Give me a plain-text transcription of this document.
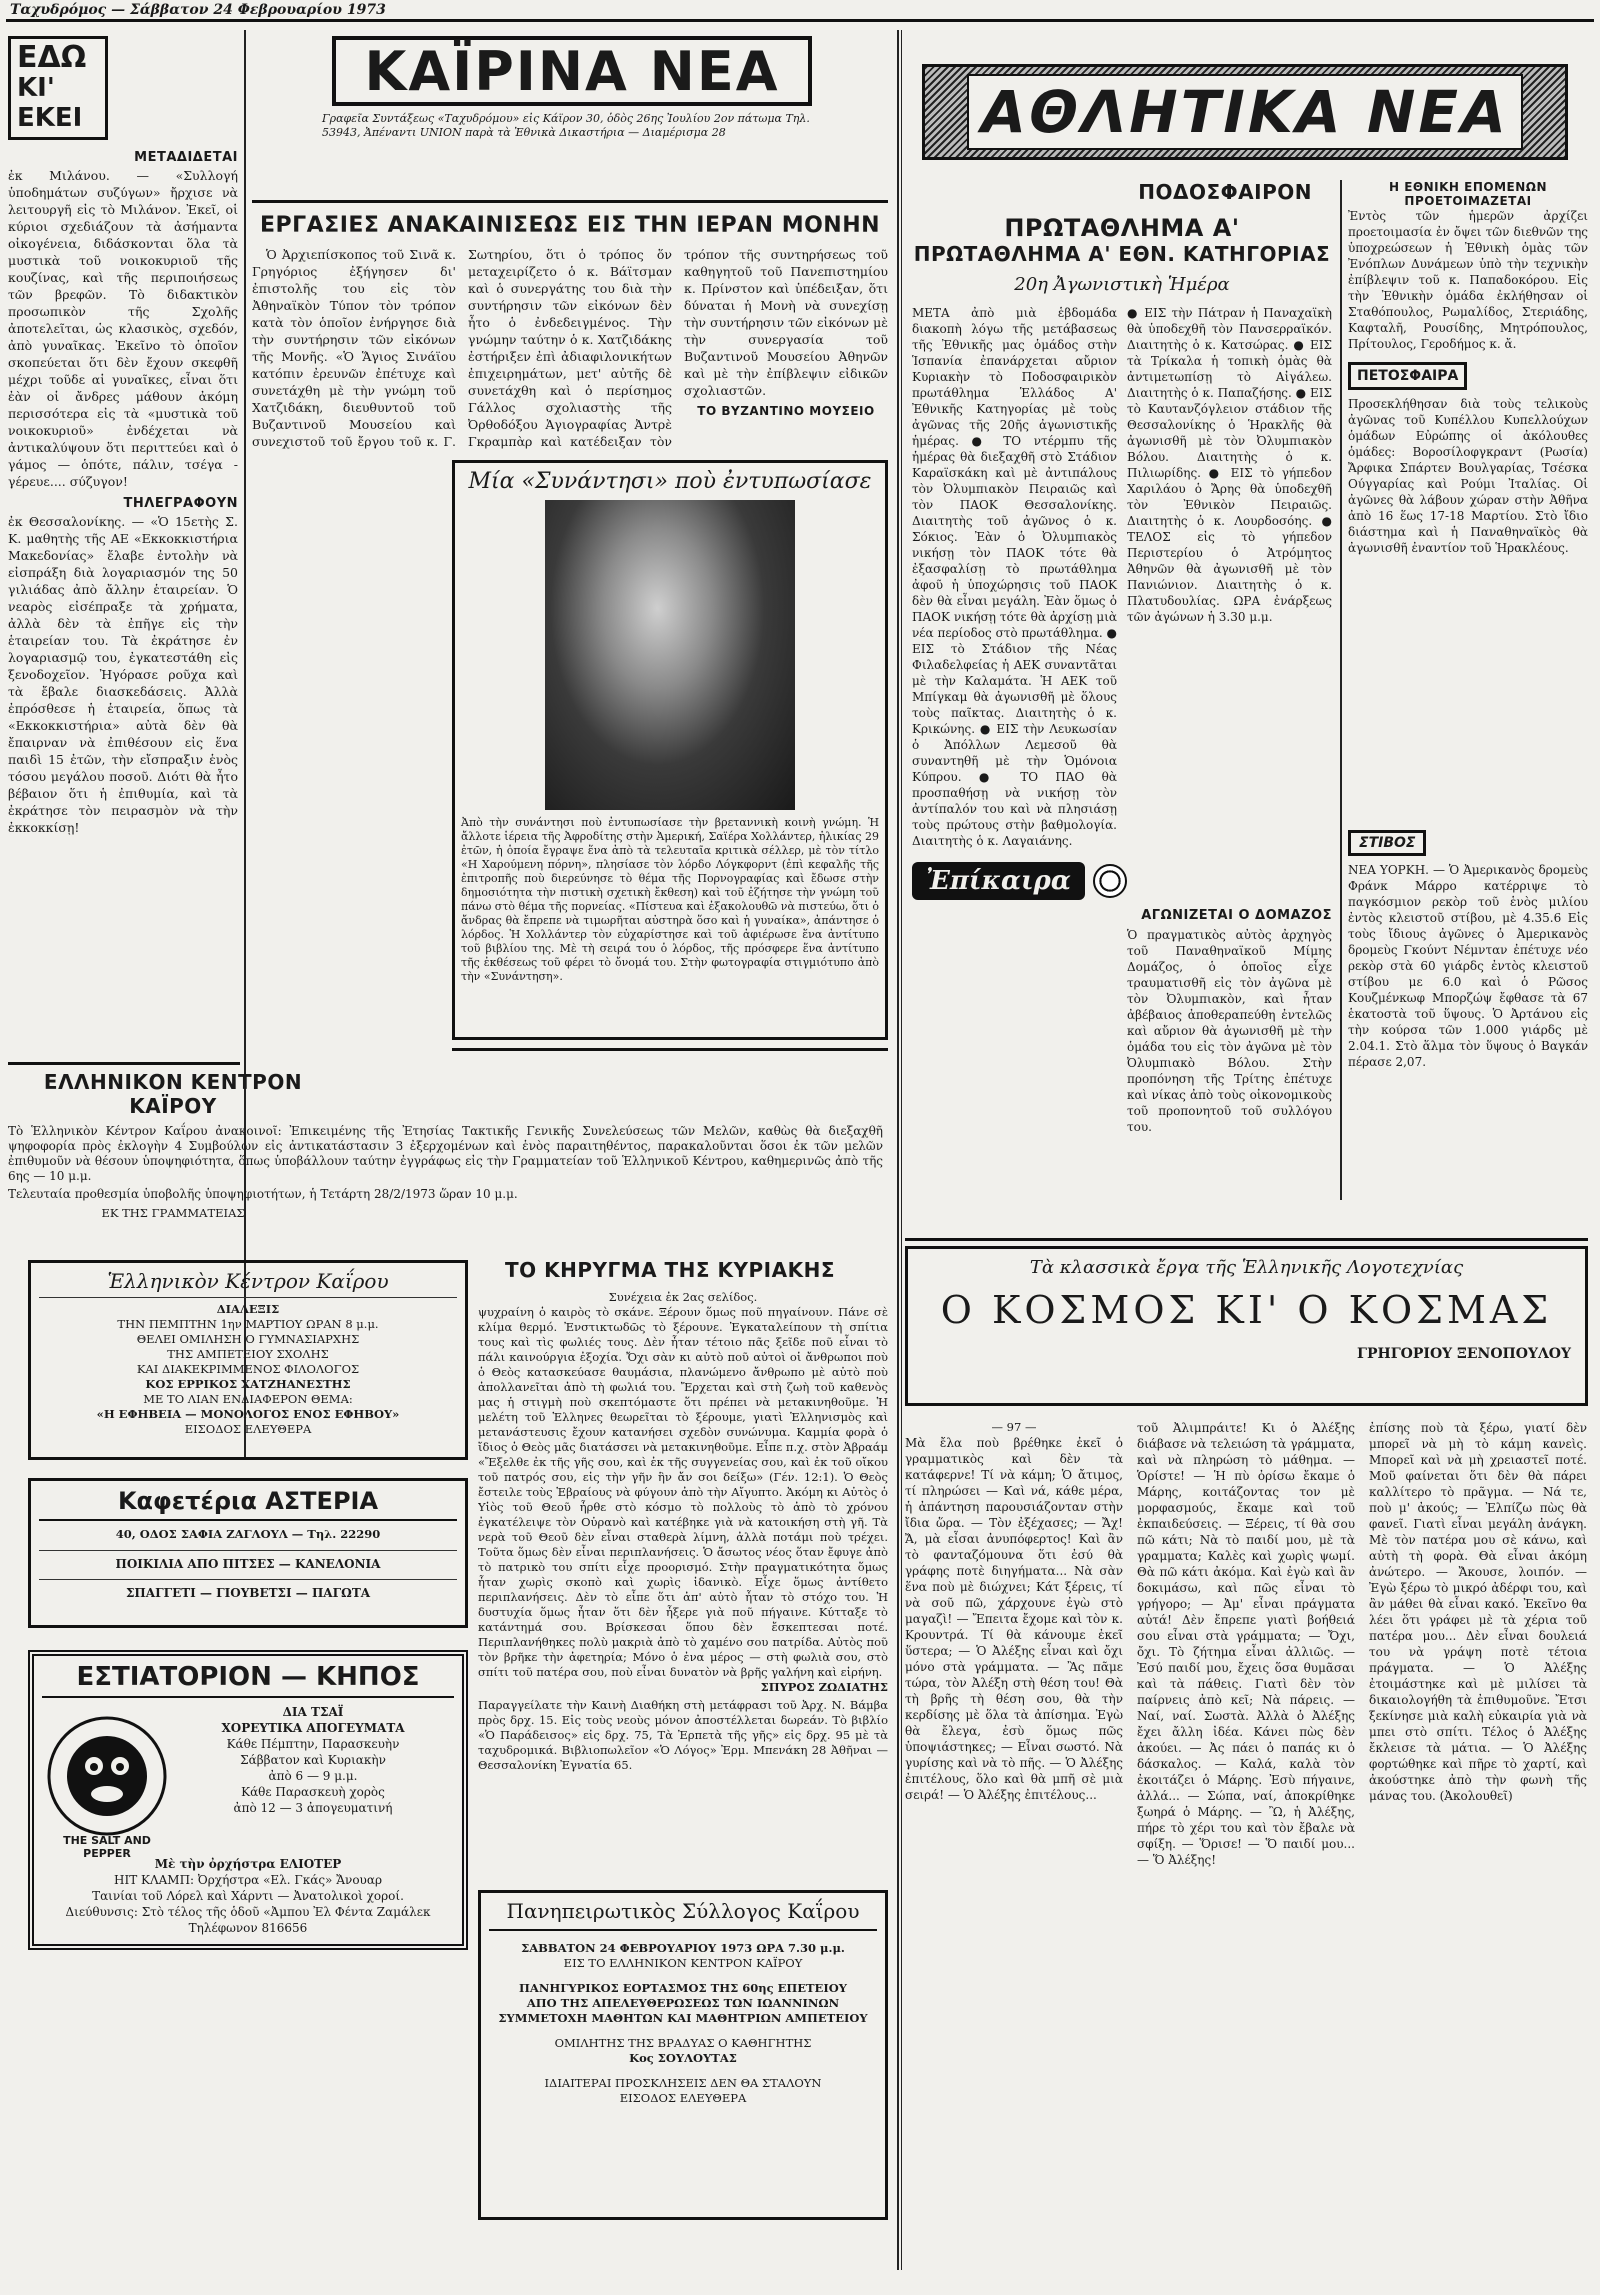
Ταχυδρόμος — Σάββατον 24 Φεβρουαρίου 1973
ΕΔΩ
ΚΙ' ΕΚΕΙ
ΜΕΤΑΔΙΔΕΤΑΙ
ἐκ Μιλάνου. — «Συλλογή ὑποδημάτων συζύγων» ἤρχισε νὰ λειτουργῆ εἰς τὸ Μιλάνον. Ἐκεῖ, οἱ κύριοι σχεδιάζουν τὰ ἀσήμαντα οἰκογένεια, διδάσκονται ὅλα τὰ μυστικὰ τοῦ νοικοκυριοῦ τῆς κουζίνας, καὶ τῆς περιποιήσεως τῶν βρεφῶν. Τὸ διδακτικὸν προσωπικὸν τῆς Σχολῆς ἀποτελεῖται, ὡς κλασικὸς, σχεδόν, ἀπὸ γυναῖκας. Ἐκεῖνο τὸ ὁποῖον σκοπεύεται ὅτι δὲν ἔχουν σκεφθῆ μέχρι τοῦδε αἱ γυναῖκες, εἶναι ὅτι ἐὰν οἱ ἄνδρες μάθουν ἀκόμη περισσότερα εἰς τὰ «μυστικὰ τοῦ νοικοκυριοῦ» ἐνδέχεται νὰ ἀντικαλύψουν ὅτι περιττεύει καὶ ὁ γάμος — ὁπότε, πάλιν, τσέγα - γέρευε.... σύζυγον!
ΤΗΛΕΓΡΑΦΟΥΝ
ἐκ Θεσσαλονίκης. — «Ὁ 15ετὴς Σ. Κ. μαθητὴς τῆς ΑΕ «Εκκοκκιστήρια Μακεδονίας» ἔλαβε ἐντολὴν νὰ εἰσπράξη διὰ λογαριασμόν της 50 γιλιάδας ἀπὸ ἄλλην ἑταιρείαν. Ὁ νεαρὸς εἰσέπραξε τὰ χρήματα, ἀλλὰ δὲν τὰ ἐπῆγε εἰς τὴν ἑταιρείαν του. Τὰ ἐκράτησε ἐν λογαριασμῷ του, ἐγκατεστάθη εἰς ξενοδοχεῖον. Ἠγόρασε ροῦχα καὶ τὰ ἔβαλε διασκεδάσεις. Ἀλλὰ ἐπρόσθεσε ἡ ἑταιρεία, ὅπως τὰ «Εκκοκκιστήρια» αὐτὰ δὲν θὰ ἔπαιρναν νὰ ἐπιθέσουν εἰς ἕνα παιδὶ 15 ἐτῶν, τὴν εἴσπραξιν ἑνὸς τόσου μεγάλου ποσοῦ. Διότι θὰ ἦτο βέβαιον ὅτι ἡ ἐπιθυμία, καὶ τὰ ἐκράτησε τὸν πειρασμὸν νὰ τὴν ἐκκοκκίσῃ!
ΕΛΛΗΝΙΚΟΝ ΚΕΝΤΡΟΝ ΚΑΪΡΟΥ
Τὸ Ἑλληνικὸν Κέντρον Καΐρου ἀνακοινοῖ: Ἐπικειμένης τῆς Ἐτησίας Τακτικῆς Γενικῆς Συνελεύσεως τῶν Μελῶν, καθὼς θὰ διεξαχθῆ ψηφοφορία πρὸς ἐκλογὴν 4 Συμβούλων εἰς ἀντικατάστασιν 3 ἐξερχομένων καὶ ἑνὸς παραιτηθέντος, παρακαλοῦνται ὅσοι ἐκ τῶν μελῶν ἐπιθυμοῦν νὰ θέσουν ὑποψηφιότητα, ὅπως ὑποβάλλουν ταύτην ἐγγράφως εἰς τὴν Γραμματείαν τοῦ Ἑλληνικοῦ Κέντρου, καθημερινῶς ἀπὸ τῆς 6ης — 10 μ.μ.
Τελευταία προθεσμία ὑποβολῆς ὑποψηφιοτήτων, ἡ Τετάρτη 28/2/1973 ὥραν 10 μ.μ.
ΕΚ ΤΗΣ ΓΡΑΜΜΑΤΕΙΑΣ
Ἑλληνικὸν Κέντρον Καΐρου
ΔΙΑΛΕΞΙΣ
ΤΗΝ ΠΕΜΠΤΗΝ 1ην ΜΑΡΤΙΟΥ ΩΡΑΝ 8 μ.μ.
ΘΕΛΕΙ ΟΜΙΛΗΣΗ Ο ΓΥΜΝΑΣΙΑΡΧΗΣ
ΤΗΣ ΑΜΠΕΤΕΙΟΥ ΣΧΟΛΗΣ
ΚΑΙ ΔΙΑΚΕΚΡΙΜΜΕΝΟΣ ΦΙΛΟΛΟΓΟΣ
ΚΟΣ ΕΡΡΙΚΟΣ ΧΑΤΖΗΑΝΕΣΤΗΣ
ΜΕ ΤΟ ΛΙΑΝ ΕΝΔΙΑΦΕΡΟΝ ΘΕΜΑ:
«Η ΕΦΗΒΕΙΑ — ΜΟΝΟΛΟΓΟΣ ΕΝΟΣ ΕΦΗΒΟΥ»
ΕΙΣΟΔΟΣ ΕΛΕΥΘΕΡΑ
Καφετέρια ΑΣΤΕΡΙΑ
40, ΟΔΟΣ ΣΑΦΙΑ ΖΑΓΛΟΥΛ — Τηλ. 22290
ΠΟΙΚΙΛΙΑ ΑΠΟ ΠΙΤΣΕΣ — ΚΑΝΕΛΟΝΙΑ
ΣΠΑΓΓΕΤΙ — ΓΙΟΥΒΕΤΣΙ — ΠΑΓΩΤΑ
ΕΣΤΙΑΤΟΡΙΟΝ — ΚΗΠΟΣ
THE SALT AND PEPPER
ΔΙΑ ΤΣΑΪ
ΧΟΡΕΥΤΙΚΑ ΑΠΟΓΕΥΜΑΤΑ
Κάθε Πέμπτην, Παρασκευὴν
Σάββατον καὶ Κυριακὴν
ἀπὸ 6 — 9 μ.μ.
Κάθε Παρασκευὴ χορὸς
ἀπὸ 12 — 3 ἀπογευματινή
Μὲ τὴν ὀρχήστρα ΕΛΙΟΤΕΡ
ΗΙΤ ΚΛΑΜΠ: Ὀρχήστρα «Ελ. Γκάς» Ἄνουαρ
Ταινίαι τοῦ Λόρελ καὶ Χάρντι — Ἀνατολικοὶ χοροί.
Διεύθυνσις: Στὸ τέλος τῆς ὁδοῦ «Ἀμπου Ἐλ Φέντα Ζαμάλεκ
Τηλέφωνον 816656
ΚΑΪΡΙΝΑ ΝΕΑ
Γραφεῖα Συντάξεως «Ταχυδρόμου» εἰς Κάϊρον 30, ὁδὸς 26ης Ἰουλίου 2ον πάτωμα Τηλ. 53943, Ἀπέναντι UNION παρὰ τὰ Ἐθνικὰ Δικαστήρια — Διαμέρισμα 28
ΕΡΓΑΣΙΕΣ ΑΝΑΚΑΙΝΙΣΕΩΣ ΕΙΣ ΤΗΝ ΙΕΡΑΝ ΜΟΝΗΝ

Ὁ Ἀρχιεπίσκοπος τοῦ Σινᾶ κ. Γρηγόριος ἐξήγησεν δι' ἐπιστολῆς του εἰς τὸν Ἀθηναϊκὸν Τύπον τὸν τρόπον κατὰ τὸν ὁποῖον ἐνήργησε διὰ τὴν συντήρησιν τῶν εἰκόνων τῆς Μονῆς. «Ὁ Ἅγιος Σινάϊου κατόπιν ἐρευνῶν ἐπέτυχε καὶ συνετάχθη μὲ τὴν γνώμη τοῦ Χατζιδάκη, διευθυντοῦ τοῦ Βυζαντινοῦ Μουσείου καὶ συνεχιστοῦ τοῦ ἔργου τοῦ κ. Γ. Σωτηρίου, ὅτι ὁ τρόπος ὅν μεταχειρίζετο ὁ κ. Βάϊτσμαν καὶ ὁ συνεργάτης του διὰ τὴν συντήρησιν τῶν εἰκόνων δὲν ἦτο ὁ ἐνδεδειγμένος. Τὴν γνώμην ταύτην ὁ κ. Χατζιδάκης ἐστήριξεν ἐπὶ ἀδιαφιλονικήτων ἐπιχειρημάτων, μετ' αὐτῆς δὲ συνετάχθη καὶ ὁ περίσημος Γάλλος σχολιαστὴς τῆς Ὀρθοδόξου Ἁγιογραφίας Ἀντρὲ Γκραμπὰρ καὶ κατέδειξαν τὸν τρόπον τῆς συντηρήσεως τοῦ καθηγητοῦ τοῦ Πανεπιστημίου κ. Πρίνστον καὶ ὑπέδειξαν, ὅτι δύναται ἡ Μονὴ νὰ συνεχίσῃ τὴν συντήρησιν τῶν εἰκόνων μὲ τὴν συνεργασία τοῦ Βυζαντινοῦ Μουσείου Ἀθηνῶν καὶ μὲ τὴν ἐπίβλεψιν εἰδικῶν σχολιαστῶν.

ΤΟ ΒΥΖΑΝΤΙΝΟ ΜΟΥΣΕΙΟ

Μία «Συνάντησι» ποὺ ἐντυπωσίασε
Ἀπὸ τὴν συνάντησι ποὺ ἐντυπωσίασε τὴν βρεταννικὴ κοινὴ γνώμη. Ἡ ἄλλοτε ἱέρεια τῆς Ἀφροδίτης στὴν Ἀμερική, Σαϊέρα Χολλάντερ, ἡλικίας 29 ἐτῶν, ἡ ὁποία ἔγραψε ἕνα ἀπὸ τὰ τελευταῖα κριτικὰ σέλλερ, μὲ τὸν τίτλο «Η Χαρούμενη πόρνη», πλησίασε τὸν λόρδο Λόγκφορντ (ἐπὶ κεφαλῆς τῆς ἐπιτροπῆς ποὺ διερεύνησε τὸ θέμα τῆς Πορνογραφίας καὶ ἔδωσε στὴν δημοσιότητα τὴν πιστικὴ σχετικὴ ἔκθεση) καὶ τοῦ ἐζήτησε τὴν γνώμη τοῦ πάνω στὸ θέμα τῆς πορνείας. «Πίστευα καὶ ἐξακολουθῶ νὰ πιστεύω, ὅτι ὁ ἄνδρας θὰ ἔπρεπε νὰ τιμωρῆται αὐστηρὰ ὅσο καὶ ἡ γυναίκα», ἀπάντησε ὁ λόρδος. Ἡ Χολλάντερ τὸν εὐχαρίστησε καὶ τοῦ ἀφιέρωσε ἕνα ἀντίτυπο τοῦ βιβλίου της. Μὲ τὴ σειρά του ὁ λόρδος, τῆς πρόσφερε ἕνα ἀντίτυπο τῆς ἐκθέσεως τοῦ φέρει τὸ ὄνομά του. Στὴν φωτογραφία στιγμιότυπο ἀπὸ τὴν «Συνάντηση».
ΤΟ ΚΗΡΥΓΜΑ ΤΗΣ ΚΥΡΙΑΚΗΣ
Συνέχεια ἐκ 2ας σελίδος.
ψυχραίνη ὁ καιρὸς τὸ σκάνε. Ξέρουν ὅμως ποῦ πηγαίνουν. Πάνε σὲ κλίμα θερμό. Ἐνστικτωδῶς τὸ ξέρουνε. Ἐγκαταλείπουν τὴ σπίτια τους καὶ τὶς φωλιές τους. Δὲν ἦταν τέτοιο πᾶς ξεῖδε ποῦ εἶναι τὸ πάλι καινούργια ἐξοχία. Ὄχι σὰν κι αὐτὸ ποῦ αὐτοὶ οἱ ἄνθρωποι ποὺ ὁ Θεὸς κατασκεύασε θαυμάσια, πλανώμενο ἄνθρωπο μὲ αὐτὸ ποὺ ἀπολλανεῖται ἀπὸ τὴ φωλιά του. Ἔρχεται καὶ στὴ ζωὴ τοῦ καθενὸς μας ἡ στιγμὴ ποὺ σκεπτόμαστε ὅτι πρέπει νὰ μετακινηθοῦμε. Ἡ μελέτη τοῦ Ἑλληνες θεωρεῖται τὸ ξέρουμε, γιατὶ Ἑλληνισμὸς καὶ μετανάστευσις ἔχουν κατανήσει σχεδὸν συνώνυμα. Καμμία φορὰ ὁ ἴδιος ὁ Θεὸς μᾶς διατάσσει νὰ μετακινηθοῦμε. Εἶπε π.χ. στὸν Ἀβραάμ «Ἔξελθε ἐκ τῆς γῆς σου, καὶ ἐκ τῆς συγγενείας σου, καὶ ἐκ τοῦ οἴκου τοῦ πατρός σου, εἰς τὴν γῆν ἣν ἄν σοι δείξω» (Γέν. 12:1). Ὁ Θεὸς ἔστειλε τοὺς Ἑβραίους νὰ φύγουν ἀπὸ τὴν Αἴγυπτο. Ἀκόμη κι Αὐτὸς ὁ Υἱὸς τοῦ Θεοῦ ἦρθε στὸ κόσμο τὸ πολλοὺς τὸ ἀπὸ τὸ χρόνου ἐγκατέλειψε τὸν Οὐρανὸ καὶ κατέβηκε γιὰ νὰ κατοικήση στὴ γῆ. Τὰ νερὰ τοῦ Θεοῦ δὲν εἶναι σταθερὰ λίμνη, ἀλλὰ ποτάμι ποὺ τρέχει. Τοῦτα ὅμως δὲν εἶναι περιπλανήσεις. Ὁ ἄσωτος νέος ὅταν ἔφυγε ἀπὸ τὸ πατρικὸ του σπίτι εἶχε προορισμό. Στὴν πραγματικότητα ὅμως ἦταν χωρὶς σκοπὸ καὶ χωρὶς ἰδανικὸ. Εἶχε ὅμως ἀντίθετο περιπλανήσεις. Δὲν τὸ εἶπε ὅτι ἀπ' αὐτὸ ἦταν τὸ στόχο του. Ἡ δυστυχία ὅμως ἦταν ὅτι δὲν ἦξερε γιὰ ποῦ πήγαινε. Κύτταξε τὸ κατάντημά σου. Βρίσκεσαι ὅπου δὲν ἔσκεπτεσαι ποτέ. Περιπλανήθηκες πολὺ μακριὰ ἀπὸ τὸ χαμένο σου πατρίδα. Αὐτὸς ποῦ τὸν βρῆκε τὴν ἀφετηρία; Μόνο ὁ ἐνα μέρος — στὴ φωλιὰ σου, στὸ σπίτι τοῦ πατέρα σου, ποὺ εἶναι δυνατὸν νὰ βρῆς γαλήνη καὶ εἰρήνη.
ΣΠΥΡΟΣ ΖΩΔΙΑΤΗΣ
Παραγγείλατε τὴν Καινὴ Διαθήκη στὴ μετάφρασι τοῦ Ἀρχ. Ν. Βάμβα πρὸς δρχ. 15. Εἰς τοὺς νεοὺς μόνον ἀποστέλλεται δωρεάν. Τὸ βιβλίο «Ὁ Παράδεισος» εἰς δρχ. 75, Τὰ Ἐρπετὰ τῆς γῆς» εἰς δρχ. 95 μὲ τὰ ταχυδρομικά. Βιβλιοπωλεῖον «Ὁ Λόγος» Ἐρμ. Μπενάκη 28 Ἀθῆναι — Θεσσαλονίκη Ἐγνατία 65.
Πανηπειρωτικὸς Σύλλογος Καΐρου
ΣΑΒΒΑΤΟΝ 24 ΦΕΒΡΟΥΑΡΙΟΥ 1973 ΩΡΑ 7.30 μ.μ.
ΕΙΣ ΤΟ ΕΛΛΗΝΙΚΟΝ ΚΕΝΤΡΟΝ ΚΑΪΡΟΥ
ΠΑΝΗΓΥΡΙΚΟΣ ΕΟΡΤΑΣΜΟΣ ΤΗΣ 60ης ΕΠΕΤΕΙΟΥ
ΑΠΟ ΤΗΣ ΑΠΕΛΕΥΘΕΡΩΣΕΩΣ ΤΩΝ ΙΩΑΝΝΙΝΩΝ
ΣΥΜΜΕΤΟΧΗ ΜΑΘΗΤΩΝ ΚΑΙ ΜΑΘΗΤΡΙΩΝ ΑΜΠΕΤΕΙΟΥ
ΟΜΙΛΗΤΗΣ ΤΗΣ ΒΡΑΔΥΑΣ Ο ΚΑΘΗΓΗΤΗΣ
Κος ΣΟΥΛΟΥΤΑΣ
ΙΔΙΑΙΤΕΡΑΙ ΠΡΟΣΚΛΗΣΕΙΣ ΔΕΝ ΘΑ ΣΤΑΛΟΥΝ
ΕΙΣΟΔΟΣ ΕΛΕΥΘΕΡΑ
ΑΘΛΗΤΙΚΑ ΝΕΑ
ΠΟΔΟΣΦΑΙΡΟΝ
ΠΡΩΤΑΘΛΗΜΑ Α'
ΠΡΩΤΑΘΛΗΜΑ Α' ΕΘΝ. ΚΑΤΗΓΟΡΙΑΣ
20η Ἀγωνιστικὴ Ἡμέρα
ΜΕΤΑ ἀπὸ μιὰ ἑβδομάδα διακοπὴ λόγω τῆς μετάβασεως τῆς Ἐθνικῆς μας ὁμάδος στὴν Ἱσπανία ἐπανάρχεται αὔριον Κυριακὴν τὸ Ποδοσφαιρικὸν πρωτάθλημα Ἑλλάδος Α' Ἐθνικῆς Κατηγορίας μὲ τοὺς ἀγῶνας τῆς 20ῆς ἀγωνιστικῆς ἡμέρας. ● ΤΟ ντέρμπυ τῆς ἡμέρας θὰ διεξαχθῆ στὸ Στάδιον Καραϊσκάκη καὶ μὲ ἀντιπάλους τὸν Ὀλυμπιακὸν Πειραιῶς καὶ τὸν ΠΑΟΚ Θεσσαλονίκης. Διαιτητὴς τοῦ ἀγῶνος ὁ κ. Σόκιος. Ἐὰν ὁ Ὀλυμπιακὸς νικήσῃ τὸν ΠΑΟΚ τότε θὰ ἐξασφαλίσῃ τὸ πρωτάθλημα ἀφοῦ ἡ ὑποχώρησις τοῦ ΠΑΟΚ δὲν θὰ εἶναι μεγάλη. Ἐὰν ὅμως ὁ ΠΑΟΚ νικήσῃ τότε θὰ ἀρχίσῃ μιὰ νέα περίοδος στὸ πρωτάθλημα. ● ΕΙΣ τὸ Στάδιον τῆς Νέας Φιλαδελφείας ἡ ΑΕΚ συναντᾶται μὲ τὴν Καλαμάτα. Ἡ ΑΕΚ τοῦ Μπίγκαμ θὰ ἀγωνισθῆ μὲ ὅλους τοὺς παῖκτας. Διαιτητὴς ὁ κ. Κρικώνης. ● ΕΙΣ τὴν Λευκωσίαν ὁ Ἀπόλλων Λεμεσοῦ θὰ συναντηθῆ μὲ τὴν Ὁμόνοια Κύπρου. ● ΤΟ ΠΑΟ θὰ προσπαθήσῃ νὰ νικήσῃ τὸν ἀντίπαλόν του καὶ νὰ πλησιάσῃ τοὺς πρώτους στὴν βαθμολογία. Διαιτητὴς ὁ κ. Λαγαιάνης.
● ΕΙΣ τὴν Πάτραν ἡ Παναχαϊκὴ θὰ ὑποδεχθῆ τὸν Πανσερραϊκόν. Διαιτητὴς ὁ κ. Κατσώρας. ● ΕΙΣ τὰ Τρίκαλα ἡ τοπικὴ ὁμὰς θὰ ἀντιμετωπίσῃ τὸ Αἰγάλεω. Διαιτητὴς ὁ κ. Παπαζήσης. ● ΕΙΣ τὸ Καυτανζόγλειον στάδιον τῆς Θεσσαλονίκης ὁ Ἡρακλῆς θὰ ἀγωνισθῆ μὲ τὸν Ὀλυμπιακὸν Βόλου. Διαιτητὴς ὁ κ. Πιλιωρίδης. ● ΕΙΣ τὸ γήπεδον Χαριλάου ὁ Ἄρης θὰ ὑποδεχθῆ τὸν Ἐθνικὸν Πειραιῶς. Διαιτητὴς ὁ κ. Λουρδοσόης. ● ΤΕΛΟΣ εἰς τὸ γήπεδον Περιστερίου ὁ Ἀτρόμητος Ἀθηνῶν θὰ ἀγωνισθῆ μὲ τὸν Πανιώνιον. Διαιτητὴς ὁ κ. Πλατυδουλίας. ΩΡΑ ἐνάρξεως τῶν ἀγώνων ἡ 3.30 μ.μ.
Η ΕΘΝΙΚΗ ΕΠΟΜΕΝΩΝ ΠΡΟΕΤΟΙΜΑΖΕΤΑΙ
Ἐντὸς τῶν ἡμερῶν ἀρχίζει προετοιμασία ἐν ὄψει τῶν διεθνῶν της ὑποχρεώσεων ἡ Ἐθνικὴ ὁμὰς τῶν Ἐνόπλων Δυνάμεων ὑπὸ τὴν τεχνικὴν ἐπίβλεψιν τοῦ κ. Παπαδοκόρου. Εἰς τὴν Ἐθνικὴν ὁμάδα ἐκλήθησαν οἱ Σταθόπουλος, Ρωμαλίδος, Στεριάδης, Καφταλῆ, Ρουσίδης, Μητρόπουλος, Πρίτουλος, Γεροδήμος κ. ἄ.
ΠΕΤΟΣΦΑΙΡΑ
Προσεκλήθησαν διὰ τοὺς τελικοὺς ἀγῶνας τοῦ Κυπέλλου Κυπελλούχων ὁμάδων Εὐρώπης οἱ ἀκόλουθες ὁμάδες: Βοροσίλοφγκραντ (Ρωσία) Ἄρφικα Σπάρτεν Βουλγαρίας, Τσέσκα Ούγγαρίας καὶ Ρούμι Ἰταλίας. Οἱ ἀγῶνες θὰ λάβουν χώραν στὴν Ἀθῆνα ἀπὸ 16 ἕως 17-18 Μαρτίου. Στὸ ἴδιο διάστημα καὶ ἡ Παναθηναϊκὸς θὰ ἀγωνισθῆ ἐναντίον τοῦ Ἡρακλέους.
Ἐπίκαιρα
ΑΓΩΝΙΖΕΤΑΙ Ο ΔΟΜΑΖΟΣ
Ὁ πραγματικὸς αὐτὸς ἀρχηγὸς τοῦ Παναθηναϊκοῦ Μίμης Δομάζος, ὁ ὁποῖος εἶχε τραυματισθῆ εἰς τὸν ἀγῶνα μὲ τὸν Ὀλυμπιακὸν, καὶ ἦταν ἀβέβαιος ἀποθεραπεύθη ἐντελῶς καὶ αὔριον θὰ ἀγωνισθῆ μὲ τὴν ὁμάδα του εἰς τὸν ἀγῶνα μὲ τὸν Ὀλυμπιακὸ Βόλου. Στὴν προπόνηση τῆς Τρίτης ἐπέτυχε καὶ νίκας ἀπὸ τοὺς οἰκονομικοὺς τοῦ προπονητοῦ τοῦ συλλόγου του.
ΣΤΙΒΟΣ
ΝΕΑ ΥΟΡΚΗ. — Ὁ Ἀμερικανὸς δρομεὺς Φράνκ Μάρρο κατέρριψε τὸ παγκόσμιον ρεκὸρ τοῦ ἑνὸς μιλίου ἐντὸς κλειστοῦ στίβου, μὲ 4.35.6 Εἰς τοὺς ἴδιους ἀγῶνες ὁ Ἀμερικανὸς δρομεὺς Γκούντ Νέμνταν ἐπέτυχε νέο ρεκὸρ στὰ 60 γιάρδς ἐντὸς κλειστοῦ στίβου με 6.0 καὶ ὁ Ρῶσος Κουζμένκωφ Μπορζώψ ἔφθασε τὰ 67 ἑκατοστὰ τοῦ ὕψους. Ὁ Ἀρτάνου εἰς τὴν κούρσα τῶν 1.000 γιάρδς μὲ 2.04.1. Στὸ ἅλμα τὸν ὕψους ὁ Βαγκάν πέρασε 2,07.
Τὰ κλασσικὰ ἔργα τῆς Ἑλληνικῆς Λογοτεχνίας
Ο ΚΟΣΜΟΣ ΚΙ' Ο ΚΟΣΜΑΣ
ΓΡΗΓΟΡΙΟΥ ΞΕΝΟΠΟΥΛΟΥ
— 97 —
Μὰ ἔλα ποὺ βρέθηκε ἐκεῖ ὁ γραμματικὸς καὶ δὲν τὰ κατάφερνε! Τί νὰ κάμη; Ὁ ἄτιμος, τί πληρώσει — Καὶ νά, κάθε μέρα, ἡ ἀπάντηση παρουσιάζονταν στὴν ἴδια ὥρα. — Τὸν ἐξέχασες; — Ἄχ! Ἄ, μὰ εἶσαι ἀνυπόφερτος! Καὶ ἂν τὸ φανταζόμουνα ὅτι ἐσύ θὰ γράφης ποτὲ διηγήματα... Νὰ σὰν ἕνα ποὺ μὲ διώχνει; Κάτ ξέρεις, τί νὰ σοῦ πῶ, χάρχουνε ἐγὼ στὸ μαγαζὶ! — Ἔπειτα ἔχομε καὶ τὸν κ. Κρουντρά. Τί θὰ κάνουμε ἐκεῖ ὕστερα; — Ὁ Ἀλέξης εἶναι καὶ ὄχι μόνο στὰ γράμματα. — Ἂς πᾶμε τώρα, τὸν Ἀλέξη στὴ θέση του! Θὰ τὴ βρῆς τὴ θέση σου, θὰ τὴν κερδίσης μὲ ὅλα τὰ ἀπίσημα. Ἐγὼ θὰ ἔλεγα, ἐσὺ ὅμως πῶς ὑποψιάστηκες; — Εἶναι σωστό. Νὰ γυρίσης καὶ νὰ τὸ πῆς. — Ὁ Ἀλέξης ἐπιτέλους, ὅλο καὶ θὰ μπῆ σὲ μιὰ σειρά! — Ὁ Ἀλέξης ἐπιτέλους...
τοῦ Ἀλιμπράιτε! Κι ὁ Ἀλέξης διάβασε νὰ τελειώση τὰ γράμματα, καὶ νὰ πληρώση τὸ μάθημα. — Ὁρίστε! — Ἡ πὺ ὀρίσω ἔκαμε ὁ Μάρης, κοιτάζοντας τον μὲ μορφασμούς, ἔκαμε καὶ τοῦ ἐκπαιδεύσεις. — Ξέρεις, τί θὰ σου πῶ κάτι; Νὰ τὸ παιδί μου, μὲ τὰ γραμματα; Καλὲς καὶ χωρὶς ψωμί. Θὰ πῶ κάτι ἀκόμα. Καὶ ἐγὼ καὶ ἂν δοκιμάσω, καὶ πῶς εἶναι τὸ γρήγορο; — Ἀμ' εἶναι πράγματα αὐτά! Δὲν ἔπρεπε γιατὶ βοήθειά σου εἶναι στὰ γράμματα; — Ὄχι, ὄχι. Τὸ ζήτημα εἶναι ἀλλιῶς. — Ἐσύ παιδί μου, ἔχεις ὅσα θυμᾶσαι καὶ τὰ πάθεις. Γιατὶ δὲν τὸν παίρνεις ἀπὸ κεῖ; Νὰ πάρεις. — Ναί, ναί. Σωστὰ. Ἀλλὰ ὁ Ἀλέξης ἔχει ἄλλη ἰδέα. Κάνει πὼς δὲν ἀκούει. — Ἀς πάει ὁ παπάς κι ὁ δάσκαλος. — Καλά, καλὰ τὸν ἐκοιτάζει ὁ Μάρης. Ἐσὺ πήγαινε, ἀλλά... — Σώπα, ναί, ἀποκρίθηκε ξωηρά ὁ Μάρης. — Ὢ, ἡ Ἀλέξης, πήρε τὸ χέρι του καὶ τὸν ἔβαλε νὰ σφίξη. — Ὅρισε! — Ὅ παιδί μου... — Ὅ Ἀλέξης!
ἐπίσης ποὺ τὰ ξέρω, γιατί δὲν μπορεῖ νὰ μὴ τὸ κάμη κανεὶς. Μπορεῖ καὶ νὰ μὴ χρειαστεῖ ποτέ. Μοῦ φαίνεται ὅτι δὲν θὰ πάρει καλλίτερο τὸ πρᾶγμα. — Νά τε, ποὺ μ' ἀκούς; — Ἐλπίζω πὼς θὰ φανεῖ. Γιατὶ εἶναι μεγάλη ἀνάγκη. Μὲ τὸν πατέρα μου σὲ κάνω, καὶ αὐτὴ τὴ φορὰ. Θὰ εἶναι ἀκόμη ἀνώτερο. — Ἄκουσε, λοιπόν. — Ἐγὼ ξέρω τὸ μικρό ἀδέρφι του, καὶ ἂν μάθει θὰ εἶναι κακό. Ἐκεῖνο θα λέει ὅτι γράφει μὲ τὰ χέρια τοῦ πατέρα μου... Δὲν εἶναι δουλειά του νὰ γράψη ποτὲ τέτοια πράγματα. — Ὁ Ἀλέξης ἐτοιμάστηκε καὶ μὲ μιλίσει τὰ δικαιολογήθη τὰ ἐπιθυμοῦνε. Ἔτσι ξεκίνησε μιὰ καλὴ εὐκαιρία γιὰ νὰ μπει στὸ σπίτι. Τέλος ὁ Ἀλέξης ἔκλεισε τὰ μάτια. — Ὁ Ἀλέξης φορτώθηκε καὶ πῆρε τὸ χαρτί, καὶ ἀκούστηκε ἀπὸ τὴν φωνὴ τῆς μάνας του. (Ἀκολουθεῖ)
